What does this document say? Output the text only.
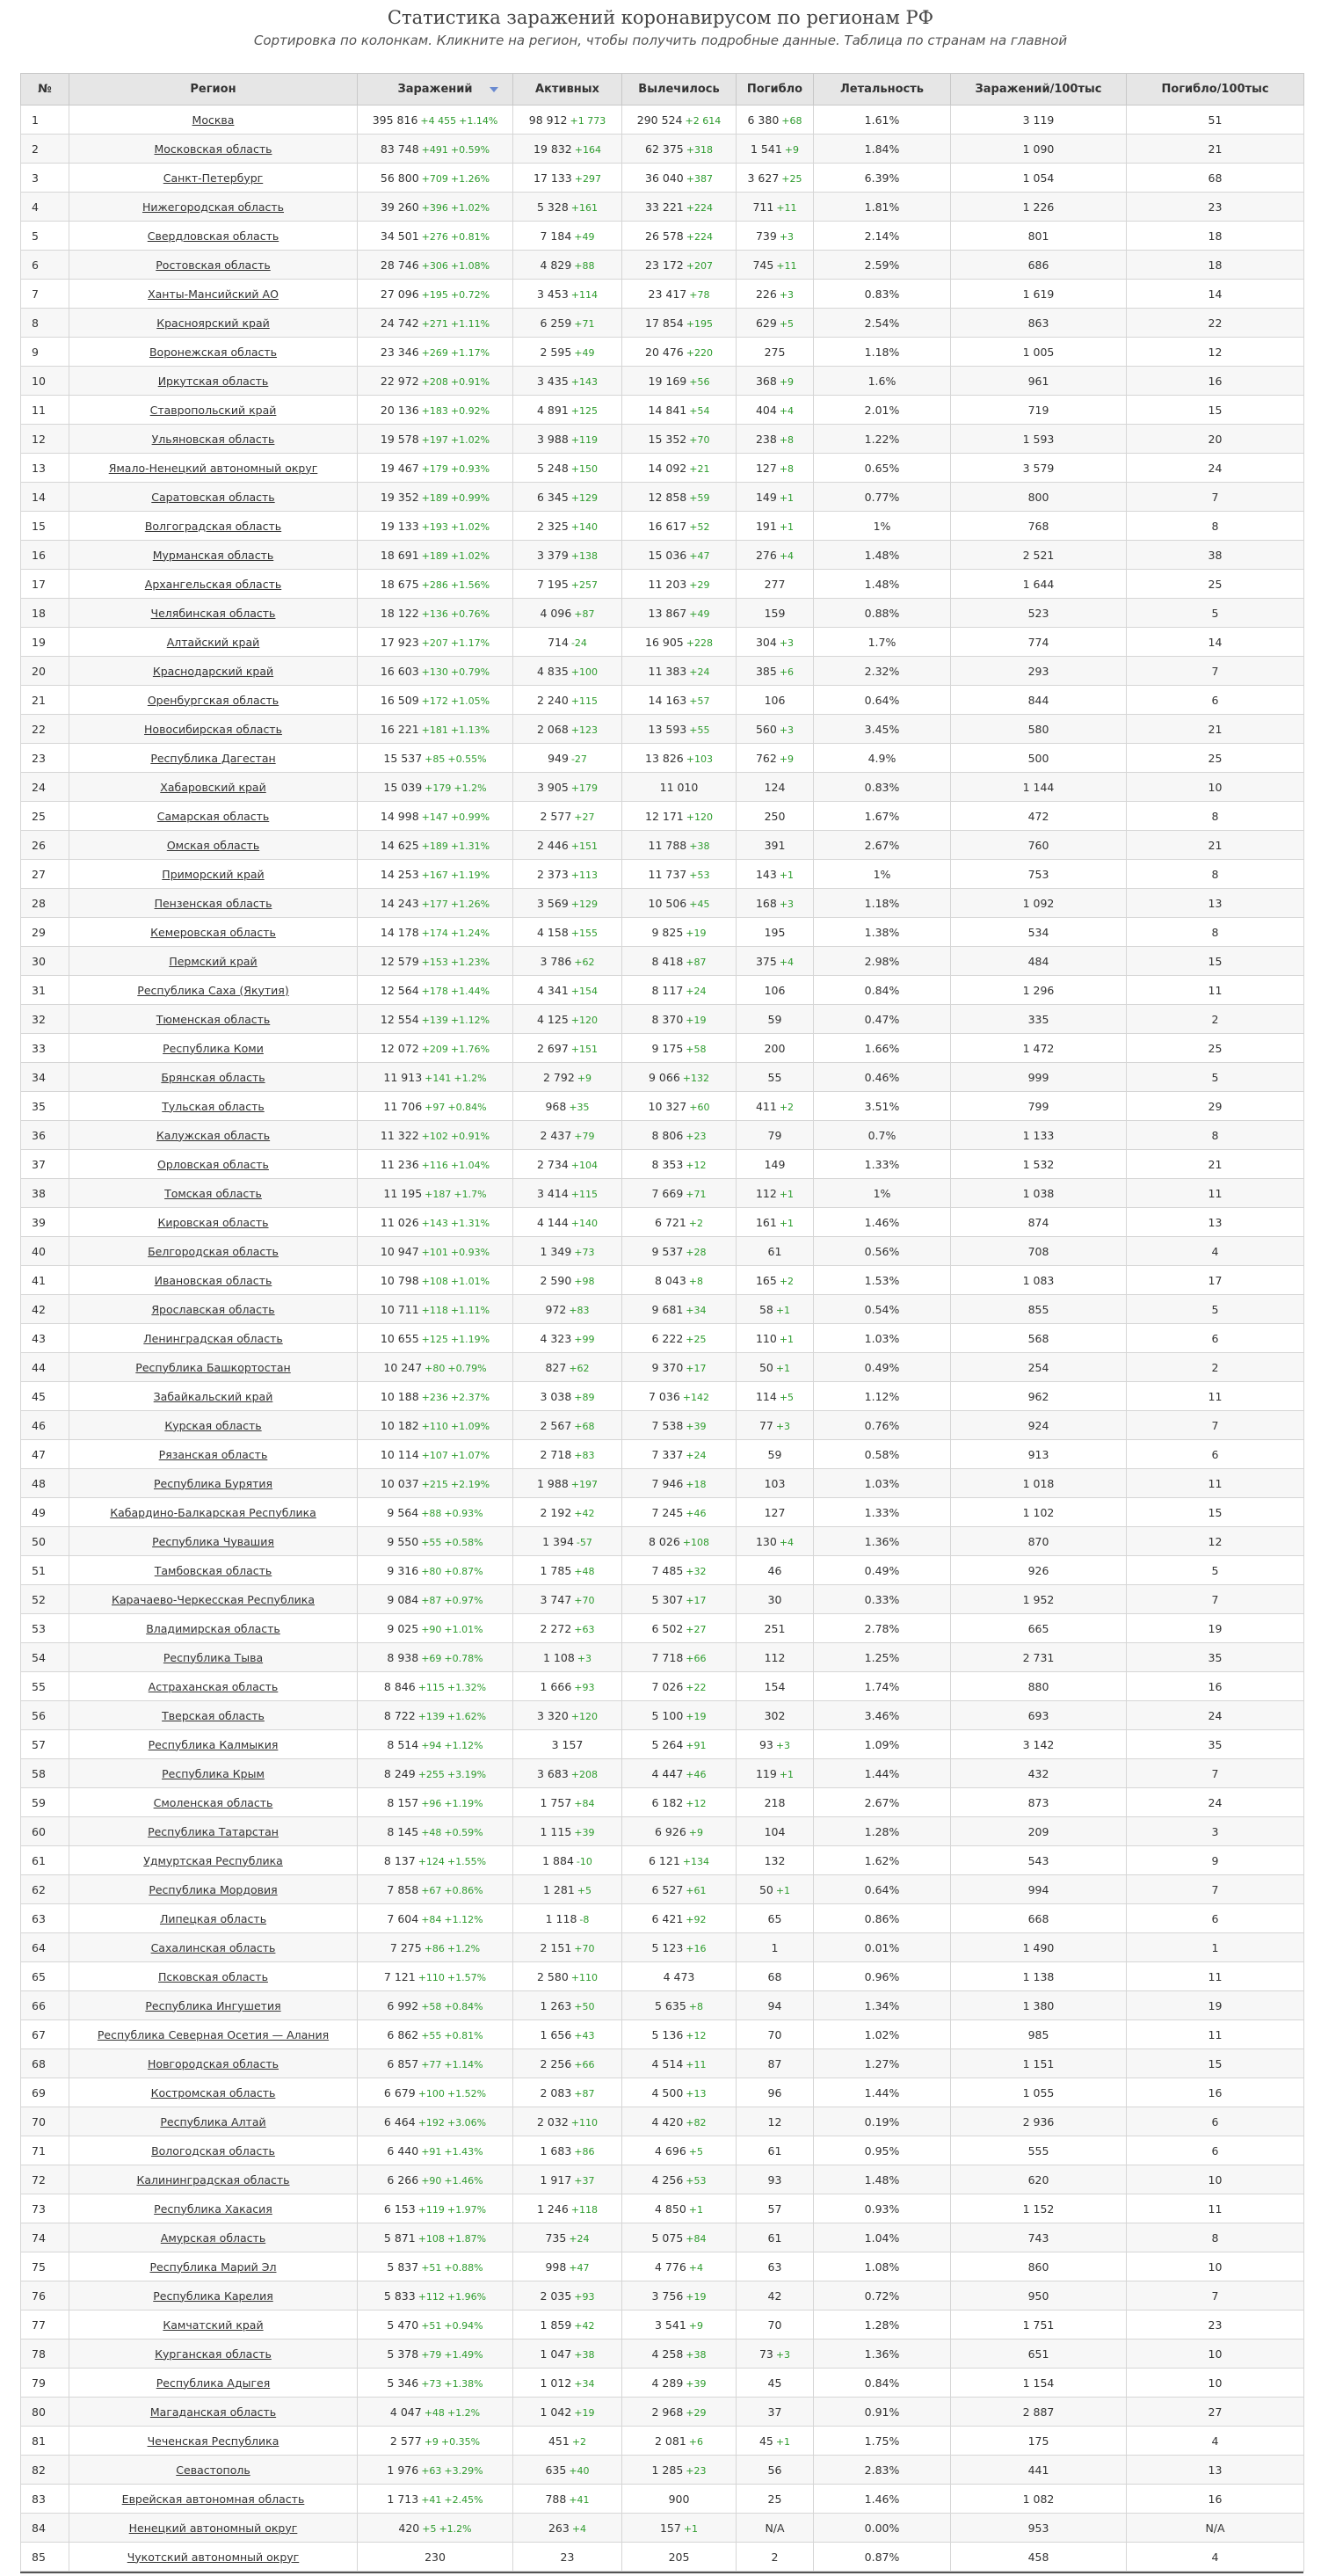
Статистика заражений коронавирусом по регионам РФ
Сортировка по колонкам. Кликните на регион, чтобы получить подробные данные. Таблица по странам на главной
№	Регион	Заражений	Активных	Вылечилось	Погибло	Летальность	Заражений/100тыс	Погибло/100тыс
1	Москва	395 816 +4 455 +1.14%	98 912 +1 773	290 524 +2 614	6 380 +68	1.61%	3 119	51
2	Московская область	83 748 +491 +0.59%	19 832 +164	62 375 +318	1 541 +9	1.84%	1 090	21
3	Санкт-Петербург	56 800 +709 +1.26%	17 133 +297	36 040 +387	3 627 +25	6.39%	1 054	68
4	Нижегородская область	39 260 +396 +1.02%	5 328 +161	33 221 +224	711 +11	1.81%	1 226	23
5	Свердловская область	34 501 +276 +0.81%	7 184 +49	26 578 +224	739 +3	2.14%	801	18
6	Ростовская область	28 746 +306 +1.08%	4 829 +88	23 172 +207	745 +11	2.59%	686	18
7	Ханты-Мансийский АО	27 096 +195 +0.72%	3 453 +114	23 417 +78	226 +3	0.83%	1 619	14
8	Красноярский край	24 742 +271 +1.11%	6 259 +71	17 854 +195	629 +5	2.54%	863	22
9	Воронежская область	23 346 +269 +1.17%	2 595 +49	20 476 +220	275	1.18%	1 005	12
10	Иркутская область	22 972 +208 +0.91%	3 435 +143	19 169 +56	368 +9	1.6%	961	16
11	Ставропольский край	20 136 +183 +0.92%	4 891 +125	14 841 +54	404 +4	2.01%	719	15
12	Ульяновская область	19 578 +197 +1.02%	3 988 +119	15 352 +70	238 +8	1.22%	1 593	20
13	Ямало-Ненецкий автономный округ	19 467 +179 +0.93%	5 248 +150	14 092 +21	127 +8	0.65%	3 579	24
14	Саратовская область	19 352 +189 +0.99%	6 345 +129	12 858 +59	149 +1	0.77%	800	7
15	Волгоградская область	19 133 +193 +1.02%	2 325 +140	16 617 +52	191 +1	1%	768	8
16	Мурманская область	18 691 +189 +1.02%	3 379 +138	15 036 +47	276 +4	1.48%	2 521	38
17	Архангельская область	18 675 +286 +1.56%	7 195 +257	11 203 +29	277	1.48%	1 644	25
18	Челябинская область	18 122 +136 +0.76%	4 096 +87	13 867 +49	159	0.88%	523	5
19	Алтайский край	17 923 +207 +1.17%	714 -24	16 905 +228	304 +3	1.7%	774	14
20	Краснодарский край	16 603 +130 +0.79%	4 835 +100	11 383 +24	385 +6	2.32%	293	7
21	Оренбургская область	16 509 +172 +1.05%	2 240 +115	14 163 +57	106	0.64%	844	6
22	Новосибирская область	16 221 +181 +1.13%	2 068 +123	13 593 +55	560 +3	3.45%	580	21
23	Республика Дагестан	15 537 +85 +0.55%	949 -27	13 826 +103	762 +9	4.9%	500	25
24	Хабаровский край	15 039 +179 +1.2%	3 905 +179	11 010	124	0.83%	1 144	10
25	Самарская область	14 998 +147 +0.99%	2 577 +27	12 171 +120	250	1.67%	472	8
26	Омская область	14 625 +189 +1.31%	2 446 +151	11 788 +38	391	2.67%	760	21
27	Приморский край	14 253 +167 +1.19%	2 373 +113	11 737 +53	143 +1	1%	753	8
28	Пензенская область	14 243 +177 +1.26%	3 569 +129	10 506 +45	168 +3	1.18%	1 092	13
29	Кемеровская область	14 178 +174 +1.24%	4 158 +155	9 825 +19	195	1.38%	534	8
30	Пермский край	12 579 +153 +1.23%	3 786 +62	8 418 +87	375 +4	2.98%	484	15
31	Республика Саха (Якутия)	12 564 +178 +1.44%	4 341 +154	8 117 +24	106	0.84%	1 296	11
32	Тюменская область	12 554 +139 +1.12%	4 125 +120	8 370 +19	59	0.47%	335	2
33	Республика Коми	12 072 +209 +1.76%	2 697 +151	9 175 +58	200	1.66%	1 472	25
34	Брянская область	11 913 +141 +1.2%	2 792 +9	9 066 +132	55	0.46%	999	5
35	Тульская область	11 706 +97 +0.84%	968 +35	10 327 +60	411 +2	3.51%	799	29
36	Калужская область	11 322 +102 +0.91%	2 437 +79	8 806 +23	79	0.7%	1 133	8
37	Орловская область	11 236 +116 +1.04%	2 734 +104	8 353 +12	149	1.33%	1 532	21
38	Томская область	11 195 +187 +1.7%	3 414 +115	7 669 +71	112 +1	1%	1 038	11
39	Кировская область	11 026 +143 +1.31%	4 144 +140	6 721 +2	161 +1	1.46%	874	13
40	Белгородская область	10 947 +101 +0.93%	1 349 +73	9 537 +28	61	0.56%	708	4
41	Ивановская область	10 798 +108 +1.01%	2 590 +98	8 043 +8	165 +2	1.53%	1 083	17
42	Ярославская область	10 711 +118 +1.11%	972 +83	9 681 +34	58 +1	0.54%	855	5
43	Ленинградская область	10 655 +125 +1.19%	4 323 +99	6 222 +25	110 +1	1.03%	568	6
44	Республика Башкортостан	10 247 +80 +0.79%	827 +62	9 370 +17	50 +1	0.49%	254	2
45	Забайкальский край	10 188 +236 +2.37%	3 038 +89	7 036 +142	114 +5	1.12%	962	11
46	Курская область	10 182 +110 +1.09%	2 567 +68	7 538 +39	77 +3	0.76%	924	7
47	Рязанская область	10 114 +107 +1.07%	2 718 +83	7 337 +24	59	0.58%	913	6
48	Республика Бурятия	10 037 +215 +2.19%	1 988 +197	7 946 +18	103	1.03%	1 018	11
49	Кабардино-Балкарская Республика	9 564 +88 +0.93%	2 192 +42	7 245 +46	127	1.33%	1 102	15
50	Республика Чувашия	9 550 +55 +0.58%	1 394 -57	8 026 +108	130 +4	1.36%	870	12
51	Тамбовская область	9 316 +80 +0.87%	1 785 +48	7 485 +32	46	0.49%	926	5
52	Карачаево-Черкесская Республика	9 084 +87 +0.97%	3 747 +70	5 307 +17	30	0.33%	1 952	7
53	Владимирская область	9 025 +90 +1.01%	2 272 +63	6 502 +27	251	2.78%	665	19
54	Республика Тыва	8 938 +69 +0.78%	1 108 +3	7 718 +66	112	1.25%	2 731	35
55	Астраханская область	8 846 +115 +1.32%	1 666 +93	7 026 +22	154	1.74%	880	16
56	Тверская область	8 722 +139 +1.62%	3 320 +120	5 100 +19	302	3.46%	693	24
57	Республика Калмыкия	8 514 +94 +1.12%	3 157	5 264 +91	93 +3	1.09%	3 142	35
58	Республика Крым	8 249 +255 +3.19%	3 683 +208	4 447 +46	119 +1	1.44%	432	7
59	Смоленская область	8 157 +96 +1.19%	1 757 +84	6 182 +12	218	2.67%	873	24
60	Республика Татарстан	8 145 +48 +0.59%	1 115 +39	6 926 +9	104	1.28%	209	3
61	Удмуртская Республика	8 137 +124 +1.55%	1 884 -10	6 121 +134	132	1.62%	543	9
62	Республика Мордовия	7 858 +67 +0.86%	1 281 +5	6 527 +61	50 +1	0.64%	994	7
63	Липецкая область	7 604 +84 +1.12%	1 118 -8	6 421 +92	65	0.86%	668	6
64	Сахалинская область	7 275 +86 +1.2%	2 151 +70	5 123 +16	1	0.01%	1 490	1
65	Псковская область	7 121 +110 +1.57%	2 580 +110	4 473	68	0.96%	1 138	11
66	Республика Ингушетия	6 992 +58 +0.84%	1 263 +50	5 635 +8	94	1.34%	1 380	19
67	Республика Северная Осетия — Алания	6 862 +55 +0.81%	1 656 +43	5 136 +12	70	1.02%	985	11
68	Новгородская область	6 857 +77 +1.14%	2 256 +66	4 514 +11	87	1.27%	1 151	15
69	Костромская область	6 679 +100 +1.52%	2 083 +87	4 500 +13	96	1.44%	1 055	16
70	Республика Алтай	6 464 +192 +3.06%	2 032 +110	4 420 +82	12	0.19%	2 936	6
71	Вологодская область	6 440 +91 +1.43%	1 683 +86	4 696 +5	61	0.95%	555	6
72	Калининградская область	6 266 +90 +1.46%	1 917 +37	4 256 +53	93	1.48%	620	10
73	Республика Хакасия	6 153 +119 +1.97%	1 246 +118	4 850 +1	57	0.93%	1 152	11
74	Амурская область	5 871 +108 +1.87%	735 +24	5 075 +84	61	1.04%	743	8
75	Республика Марий Эл	5 837 +51 +0.88%	998 +47	4 776 +4	63	1.08%	860	10
76	Республика Карелия	5 833 +112 +1.96%	2 035 +93	3 756 +19	42	0.72%	950	7
77	Камчатский край	5 470 +51 +0.94%	1 859 +42	3 541 +9	70	1.28%	1 751	23
78	Курганская область	5 378 +79 +1.49%	1 047 +38	4 258 +38	73 +3	1.36%	651	10
79	Республика Адыгея	5 346 +73 +1.38%	1 012 +34	4 289 +39	45	0.84%	1 154	10
80	Магаданская область	4 047 +48 +1.2%	1 042 +19	2 968 +29	37	0.91%	2 887	27
81	Чеченская Республика	2 577 +9 +0.35%	451 +2	2 081 +6	45 +1	1.75%	175	4
82	Севастополь	1 976 +63 +3.29%	635 +40	1 285 +23	56	2.83%	441	13
83	Еврейская автономная область	1 713 +41 +2.45%	788 +41	900	25	1.46%	1 082	16
84	Ненецкий автономный округ	420 +5 +1.2%	263 +4	157 +1	N/A	0.00%	953	N/A
85	Чукотский автономный округ	230	23	205	2	0.87%	458	4
